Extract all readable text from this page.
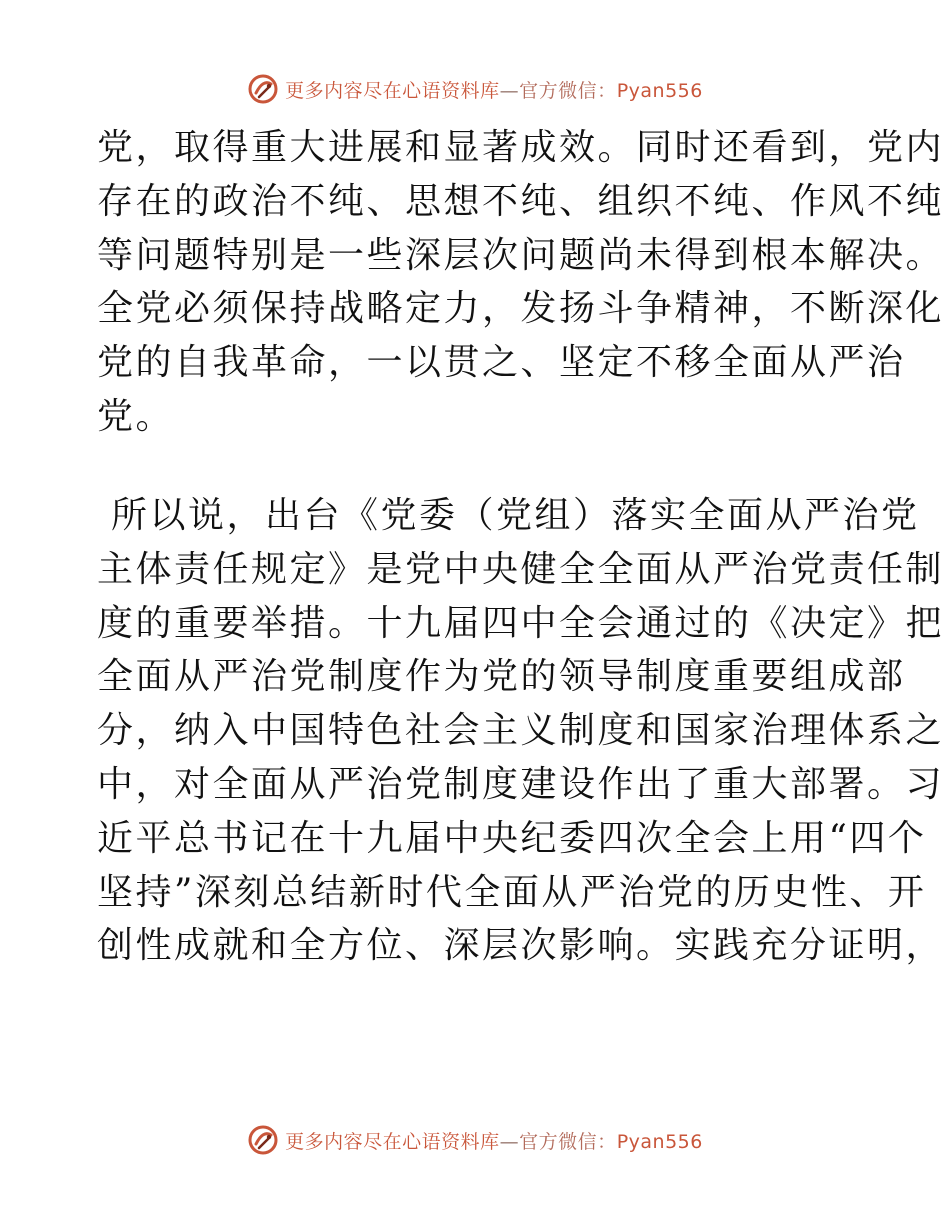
更多内容尽在心语资料库—官方微信：Pyan556
党，取得重大进展和显著成效。同时还看到，党内
存在的政治不纯、思想不纯、组织不纯、作风不纯
等问题特别是一些深层次问题尚未得到根本解决。
全党必须保持战略定力，发扬斗争精神，不断深化
党的自我革命，一以贯之、坚定不移全面从严治
党。
所以说，出台《党委（党组）落实全面从严治党
主体责任规定》是党中央健全全面从严治党责任制
度的重要举措。十九届四中全会通过的《决定》把
全面从严治党制度作为党的领导制度重要组成部
分，纳入中国特色社会主义制度和国家治理体系之
中，对全面从严治党制度建设作出了重大部署。习
近平总书记在十九届中央纪委四次全会上用“四个
坚持”深刻总结新时代全面从严治党的历史性、开
创性成就和全方位、深层次影响。实践充分证明，
更多内容尽在心语资料库—官方微信：Pyan556
